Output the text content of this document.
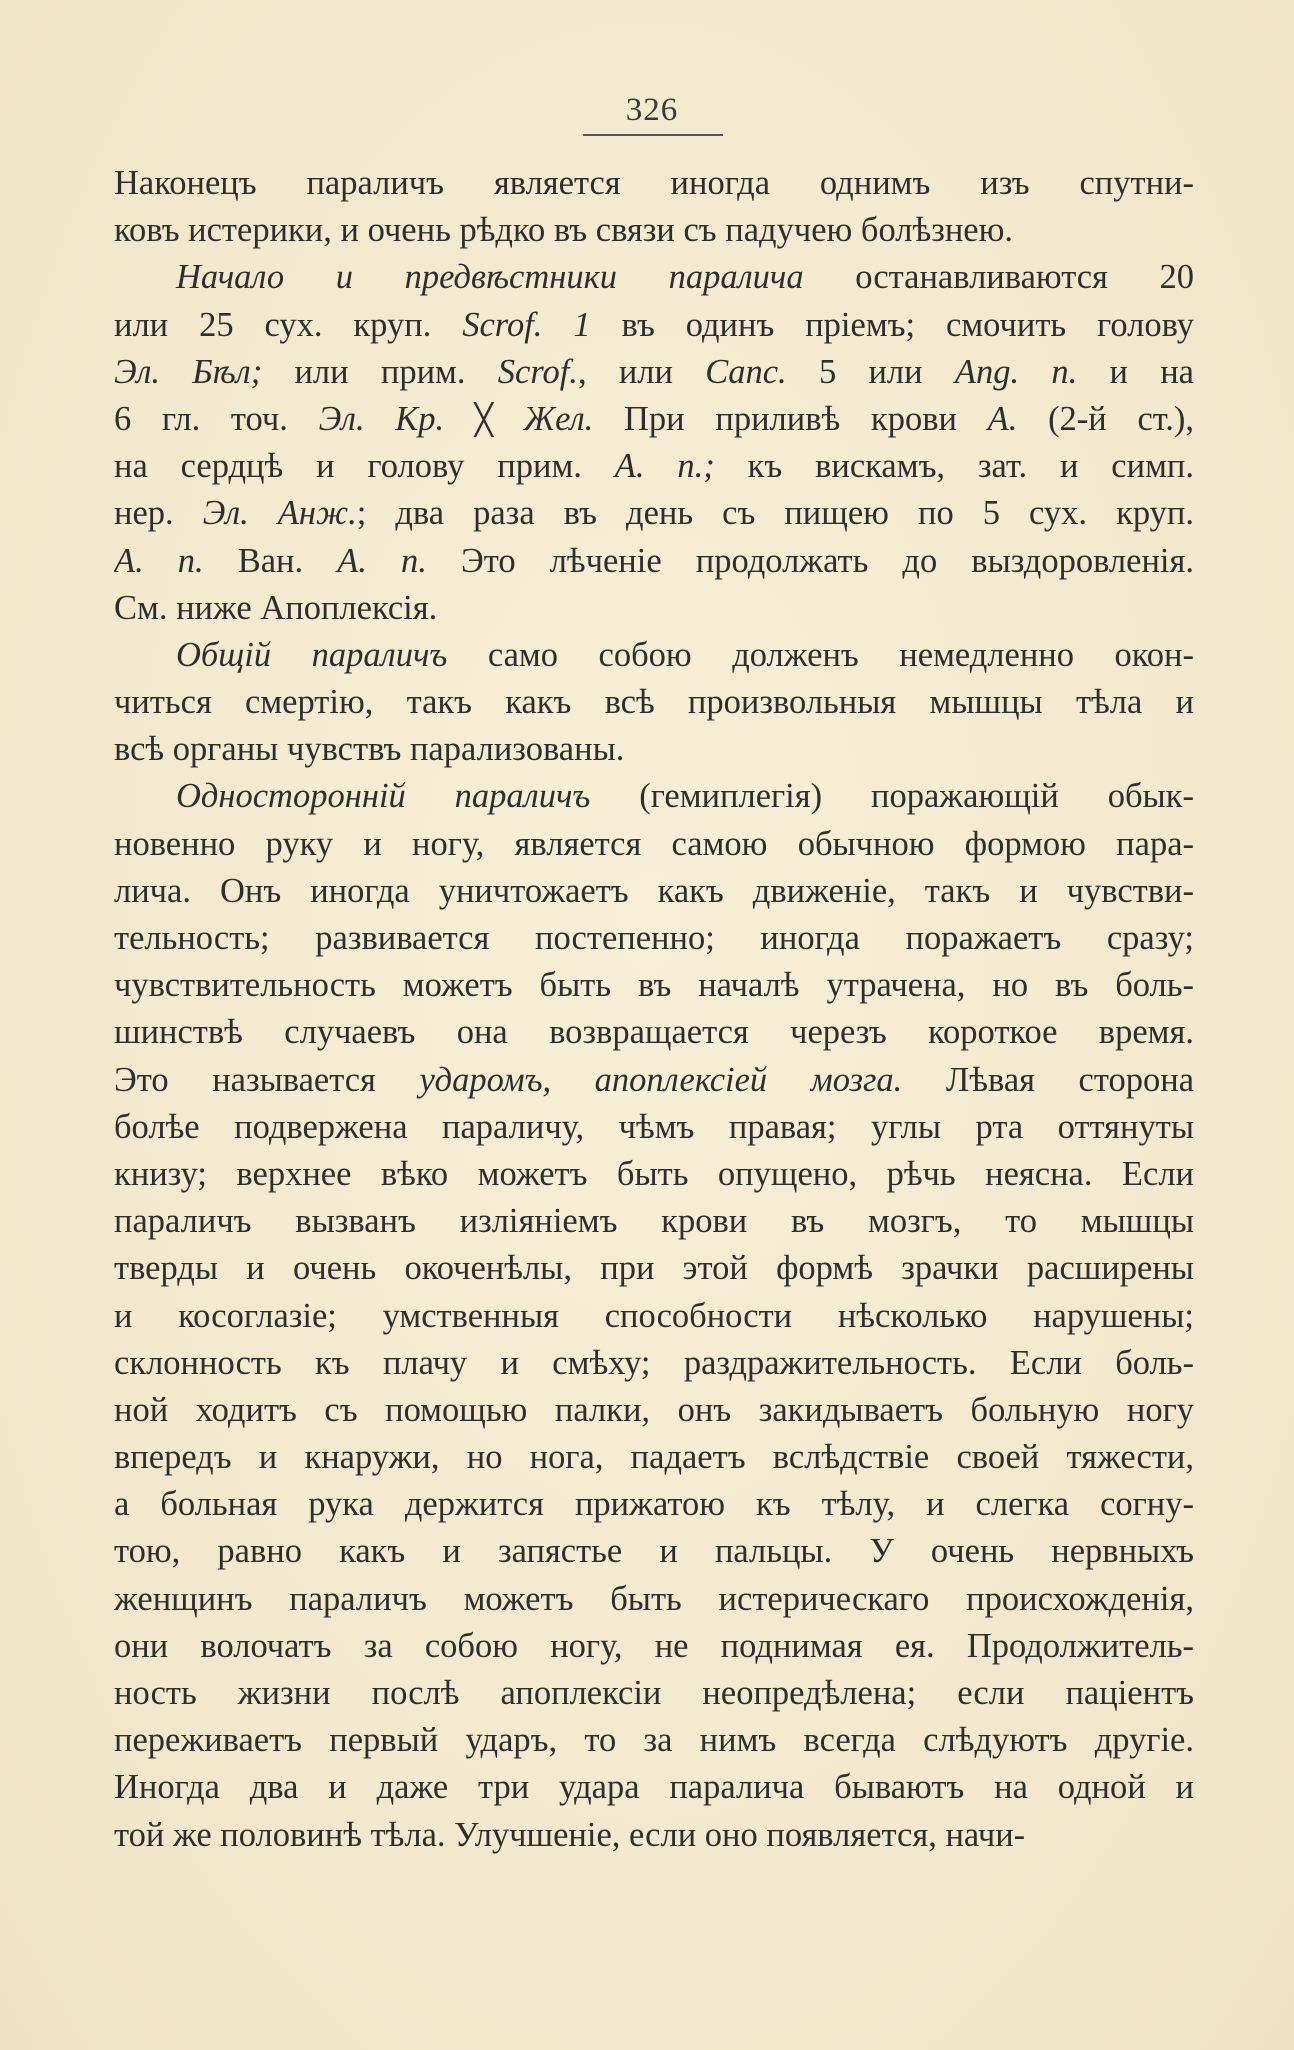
326
Наконецъ параличъ является иногда однимъ изъ спутни-
ковъ истерики, и очень рѣдко въ связи съ падучею болѣзнею.
Начало и предвѣстники паралича останавливаются 20
или 25 сух. круп. Scrof. 1 въ одинъ пріемъ; смочить голову
Эл. Бѣл; или прим. Scrof., или Canc. 5 или Ang. n. и на
6 гл. точ. Эл. Кр. ╳ Жел. При приливѣ крови А. (2-й ст.),
на сердцѣ и голову прим. А. n.; къ вискамъ, зат. и симп.
нер. Эл. Анж.; два раза въ день съ пищею по 5 сух. круп.
А. n. Ван. А. n. Это лѣченіе продолжать до выздоровленія.
См. ниже Апоплексія.
Общій параличъ само собою долженъ немедленно окон-
читься смертію, такъ какъ всѣ произвольныя мышцы тѣла и
всѣ органы чувствъ парализованы.
Односторонній параличъ (гемиплегія) поражающій обык-
новенно руку и ногу, является самою обычною формою пара-
лича. Онъ иногда уничтожаетъ какъ движеніе, такъ и чувстви-
тельность; развивается постепенно; иногда поражаетъ сразу;
чувствительность можетъ быть въ началѣ утрачена, но въ боль-
шинствѣ случаевъ она возвращается черезъ короткое время.
Это называется ударомъ, апоплексіей мозга. Лѣвая сторона
болѣе подвержена параличу, чѣмъ правая; углы рта оттянуты
книзу; верхнее вѣко можетъ быть опущено, рѣчь неясна. Если
параличъ вызванъ изліяніемъ крови въ мозгъ, то мышцы
тверды и очень окоченѣлы, при этой формѣ зрачки расширены
и косоглазіе; умственныя способности нѣсколько нарушены;
склонность къ плачу и смѣху; раздражительность. Если боль-
ной ходитъ съ помощью палки, онъ закидываетъ больную ногу
впередъ и кнаружи, но нога, падаетъ вслѣдствіе своей тяжести,
а больная рука держится прижатою къ тѣлу, и слегка согну-
тою, равно какъ и запястье и пальцы. У очень нервныхъ
женщинъ параличъ можетъ быть истерическаго происхожденія,
они волочатъ за собою ногу, не поднимая ея. Продолжитель-
ность жизни послѣ апоплексіи неопредѣлена; если паціентъ
переживаетъ первый ударъ, то за нимъ всегда слѣдуютъ другіе.
Иногда два и даже три удара паралича бываютъ на одной и
той же половинѣ тѣла. Улучшеніе, если оно появляется, начи-
